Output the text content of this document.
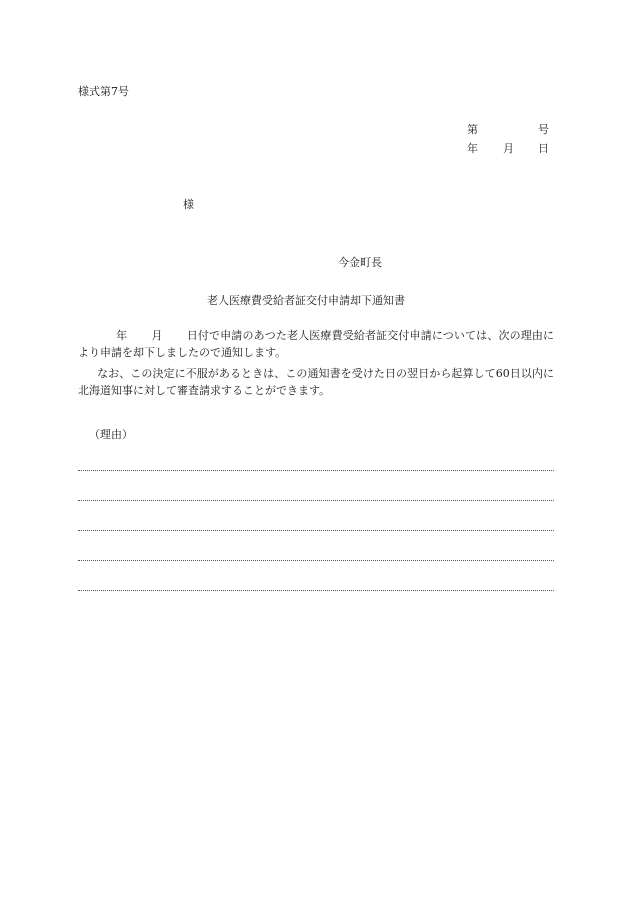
様式第7号
第	号
年 月 日
様
今金町長
老人医療費受給者証交付申請却下通知書
年 月 日付で申請のあつた老人医療費受給者証交付申請については、次の理由により申請を却下しましたので通知します。
なお、この決定に不服があるときは、この通知書を受けた日の翌日から起算して60日以内に北海道知事に対して審査請求することができます。
（理由）
